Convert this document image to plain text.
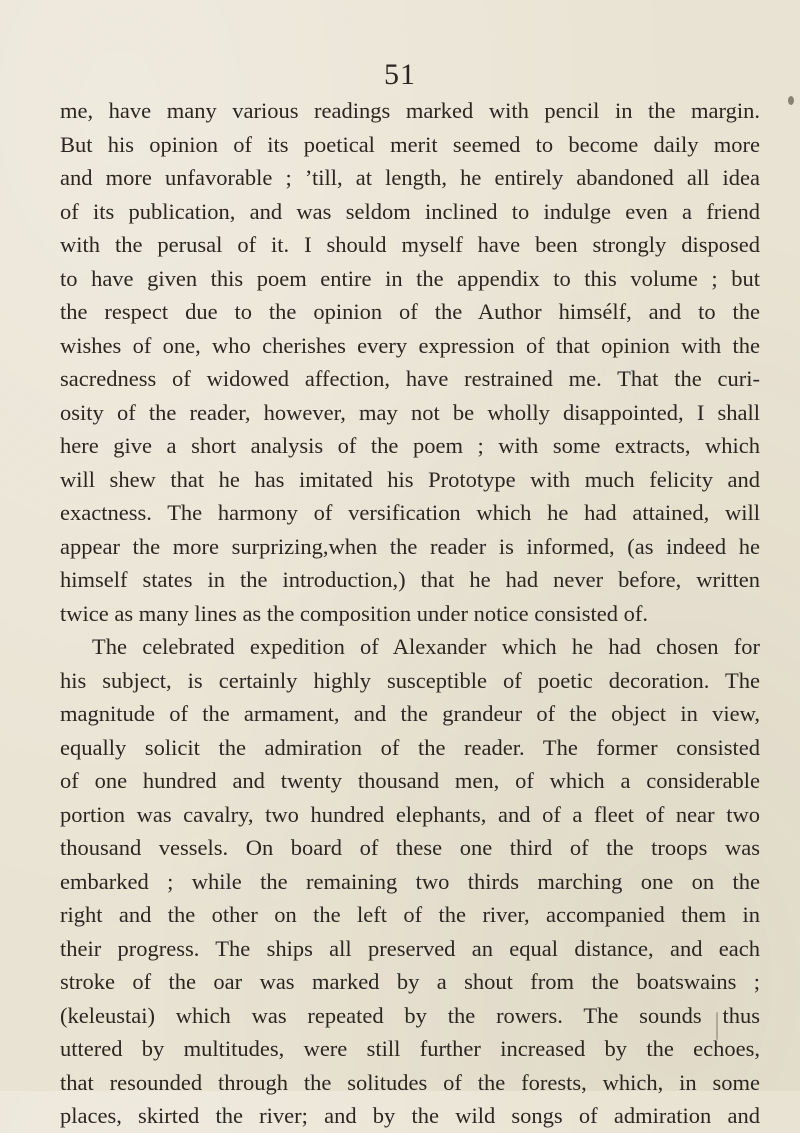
51
me, have many various readings marked with pencil in the margin.
But his opinion of its poetical merit seemed to become daily more
and more unfavorable ; ’till, at length, he entirely abandoned all idea
of its publication, and was seldom inclined to indulge even a friend
with the perusal of it. I should myself have been strongly disposed
to have given this poem entire in the appendix to this volume ; but
the respect due to the opinion of the Author himsélf, and to the
wishes of one, who cherishes every expression of that opinion with the
sacredness of widowed affection, have restrained me. That the curi-
osity of the reader, however, may not be wholly disappointed, I shall
here give a short analysis of the poem ; with some extracts, which
will shew that he has imitated his Prototype with much felicity and
exactness. The harmony of versification which he had attained, will
appear the more surprizing,when the reader is informed, (as indeed he
himself states in the introduction,) that he had never before, written
twice as many lines as the composition under notice consisted of.
The celebrated expedition of Alexander which he had chosen for
his subject, is certainly highly susceptible of poetic decoration. The
magnitude of the armament, and the grandeur of the object in view,
equally solicit the admiration of the reader. The former consisted
of one hundred and twenty thousand men, of which a considerable
portion was cavalry, two hundred elephants, and of a fleet of near two
thousand vessels. On board of these one third of the troops was
embarked ; while the remaining two thirds marching one on the
right and the other on the left of the river, accompanied them in
their progress. The ships all preserved an equal distance, and each
stroke of the oar was marked by a shout from the boatswains ;
(keleustai) which was repeated by the rowers. The sounds thus
uttered by multitudes, were still further increased by the echoes,
that resounded through the solitudes of the forests, which, in some
places, skirted the river; and by the wild songs of admiration and
